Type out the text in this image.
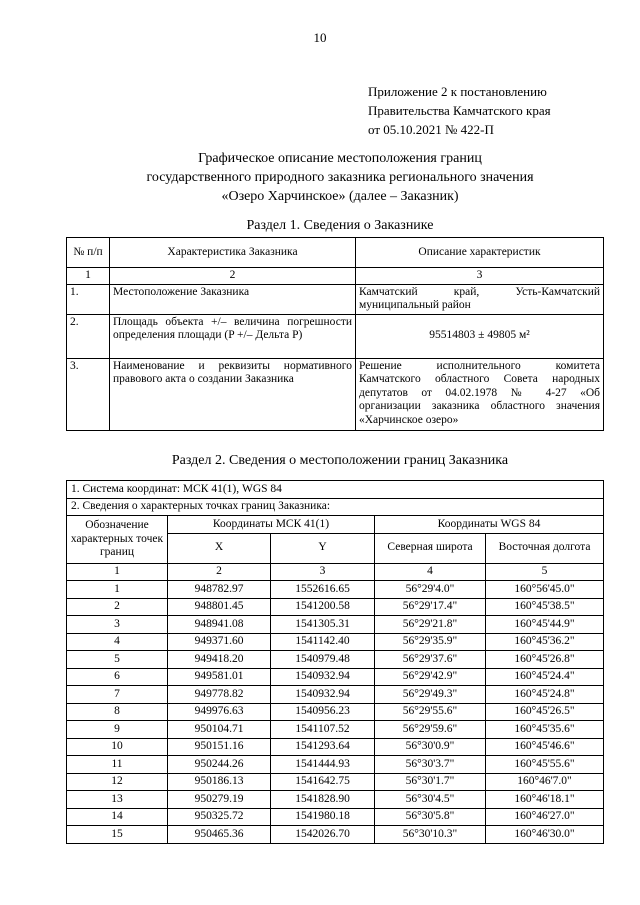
10
Приложение 2 к постановлению
Правительства Камчатского края
от 05.10.2021 № 422-П
Графическое описание местоположения границ
государственного природного заказника регионального значения
«Озеро Харчинское» (далее – Заказник)
Раздел 1. Сведения о Заказнике
№ п/п	Характеристика Заказника	Описание характеристик
1	2	3
1.	Местоположение Заказника	Камчатский край, Усть-Камчатский муниципальный район
2.	Площадь объекта +/– величина погрешности определения площади (P +/– Дельта P)	95514803 ± 49805 м²
3.	Наименование и реквизиты нормативного правового акта о создании Заказника	Решение исполнительного комитета Камчатского областного Совета народных депутатов от 04.02.1978 № 4-27 «Об организации заказника областного значения «Харчинское озеро»
Раздел 2. Сведения о местоположении границ Заказника
1. Система координат: МСК 41(1), WGS 84				
2. Сведения о характерных точках границ Заказника:				
Обозначение характерных точек границ	Координаты МСК 41(1)		Координаты WGS 84	
	X	Y	Северная широта	Восточная долгота
1	2	3	4	5
1	948782.97	1552616.65	56°29'4.0"	160°56'45.0"
2	948801.45	1541200.58	56°29'17.4"	160°45'38.5"
3	948941.08	1541305.31	56°29'21.8"	160°45'44.9"
4	949371.60	1541142.40	56°29'35.9"	160°45'36.2"
5	949418.20	1540979.48	56°29'37.6"	160°45'26.8"
6	949581.01	1540932.94	56°29'42.9"	160°45'24.4"
7	949778.82	1540932.94	56°29'49.3"	160°45'24.8"
8	949976.63	1540956.23	56°29'55.6"	160°45'26.5"
9	950104.71	1541107.52	56°29'59.6"	160°45'35.6"
10	950151.16	1541293.64	56°30'0.9"	160°45'46.6"
11	950244.26	1541444.93	56°30'3.7"	160°45'55.6"
12	950186.13	1541642.75	56°30'1.7"	160°46'7.0"
13	950279.19	1541828.90	56°30'4.5"	160°46'18.1"
14	950325.72	1541980.18	56°30'5.8"	160°46'27.0"
15	950465.36	1542026.70	56°30'10.3"	160°46'30.0"
